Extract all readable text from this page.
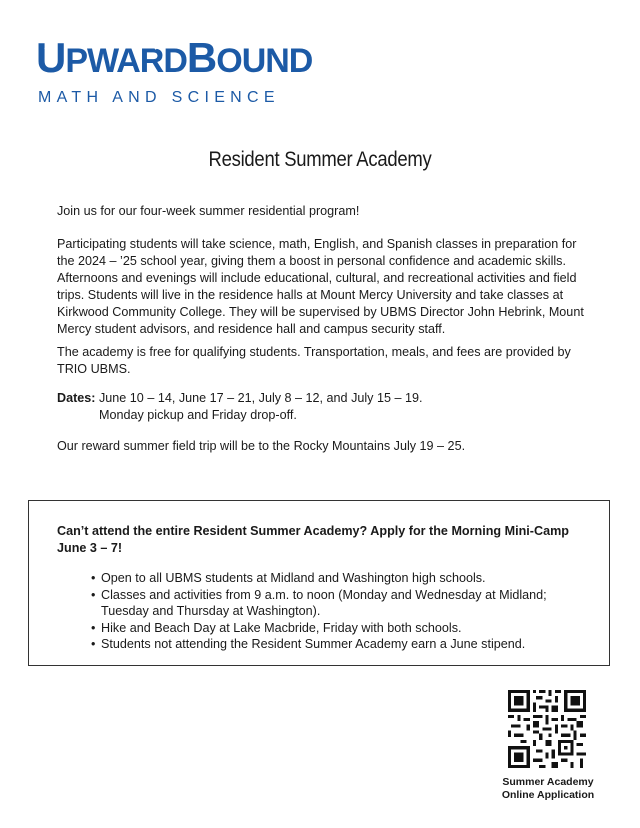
UPWARDBOUND
MATH AND SCIENCE
Resident Summer Academy

Join us for our four-week summer residential program!

Participating students will take science, math, English, and Spanish classes in preparation for the 2024 – ’25 school year, giving them a boost in personal confidence and academic skills. Afternoons and evenings will include educational, cultural, and recreational activities and field trips. Students will live in the residence halls at Mount Mercy University and take classes at Kirkwood Community College. They will be supervised by UBMS Director John Hebrink, Mount Mercy student advisors, and residence hall and campus security staff.

The academy is free for qualifying students. Transportation, meals, and fees are provided by TRIO UBMS.

Dates: June 10 – 14, June 17 – 21, July 8 – 12, and July 15 – 19.
Monday pickup and Friday drop-off.

Our reward summer field trip will be to the Rocky Mountains July 19 – 25.

Can’t attend the entire Resident Summer Academy? Apply for the Morning Mini-Camp June 3 – 7!
• Open to all UBMS students at Midland and Washington high schools.
• Classes and activities from 9 a.m. to noon (Monday and Wednesday at Midland; Tuesday and Thursday at Washington).
• Hike and Beach Day at Lake Macbride, Friday with both schools.
• Students not attending the Resident Summer Academy earn a June stipend.
Summer Academy
Online Application
